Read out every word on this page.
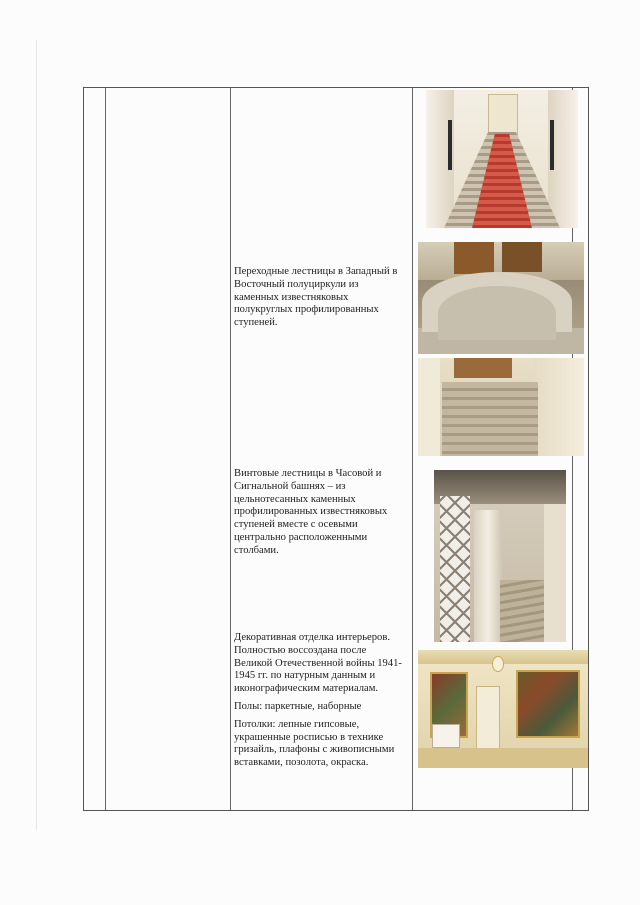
Переходные лестницы в Западный в Восточный полуциркули из каменных известняковых полукруглых профилированных ступеней.

Винтовые лестницы в Часовой и Сигнальной башнях – из цельнотесанных каменных профилированных известняковых ступеней вместе с осевыми центрально расположенными столбами.

Декоративная отделка интерьеров. Полностью воссоздана после Великой Отечественной войны 1941-1945 гг. по натурным данным и иконографическим материалам.

Полы: паркетные, наборные

Потолки: лепные гипсовые, украшенные росписью в технике гризайль, плафоны с живописными вставками, позолота, окраска.
